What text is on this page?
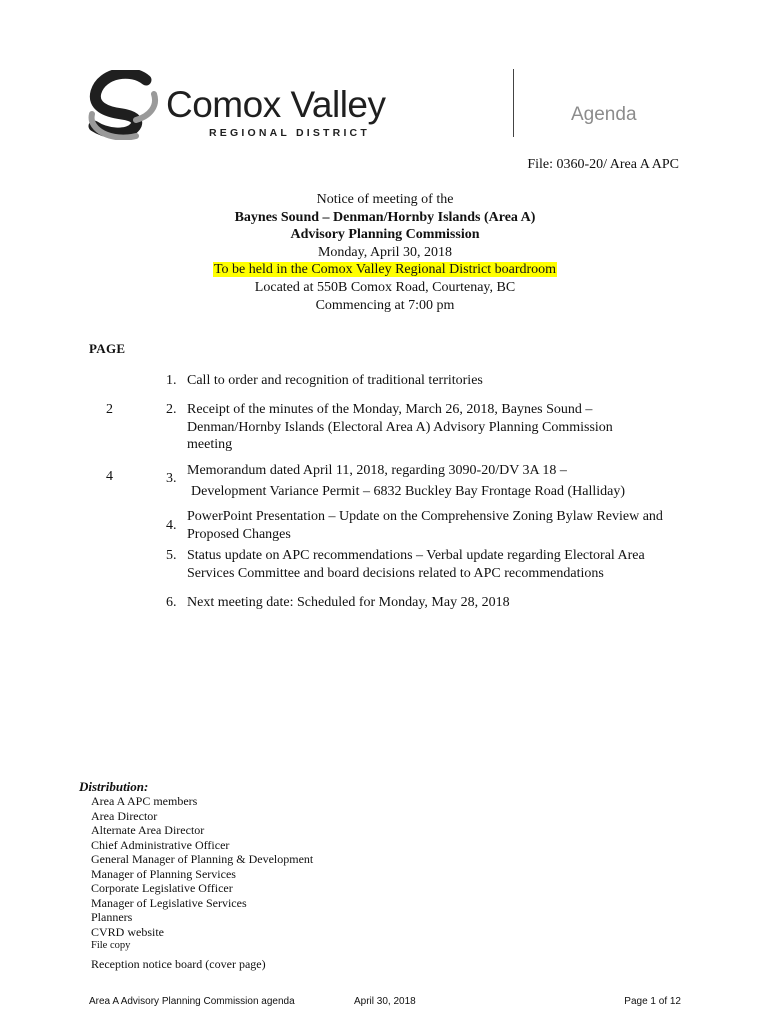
Comox Valley
REGIONAL DISTRICT
Agenda
File: 0360-20/ Area A APC
Notice of meeting of the
Baynes Sound – Denman/Hornby Islands (Area A)
Advisory Planning Commission
Monday, April 30, 2018
To be held in the Comox Valley Regional District boardroom
Located at 550B Comox Road, Courtenay, BC
Commencing at 7:00 pm
PAGE
1. Call to order and recognition of traditional territories
2	2. Receipt of the minutes of the Monday, March 26, 2018, Baynes Sound – Denman/Hornby Islands (Electoral Area A) Advisory Planning Commission meeting
4	3.
Memorandum dated April 11, 2018, regarding 3090-20/DV 3A 18 –
Development Variance Permit – 6832 Buckley Bay Frontage Road (Halliday)
4.
PowerPoint Presentation – Update on the Comprehensive Zoning Bylaw Review and Proposed Changes
5. Status update on APC recommendations – Verbal update regarding Electoral Area Services Committee and board decisions related to APC recommendations
6. Next meeting date: Scheduled for Monday, May 28, 2018
Distribution:
Area A APC members
Area Director
Alternate Area Director
Chief Administrative Officer
General Manager of Planning & Development
Manager of Planning Services
Corporate Legislative Officer
Manager of Legislative Services
Planners
CVRD website
File copy
Reception notice board (cover page)
Area A Advisory Planning Commission agenda	April 30, 2018	Page 1 of 12
